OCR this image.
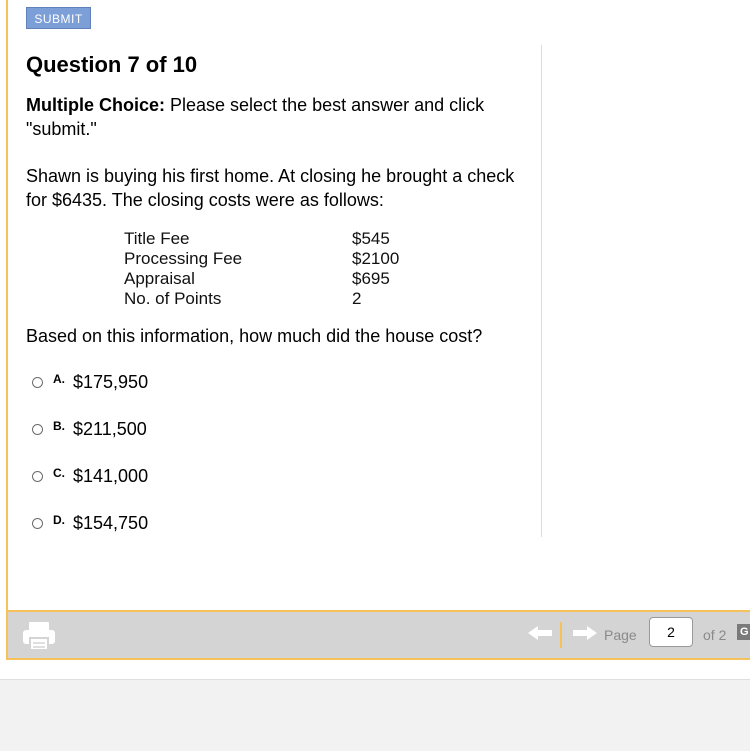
SUBMIT
Question 7 of 10
Multiple Choice: Please select the best answer and click "submit."
Shawn is buying his first home. At closing he brought a check for $6435. The closing costs were as follows:
Title Fee	$545
Processing Fee	$2100
Appraisal	$695
No. of Points	2
Based on this information, how much did the house cost?
A. $175,950
B. $211,500
C. $141,000
D. $154,750
Page
2	of 2 G
